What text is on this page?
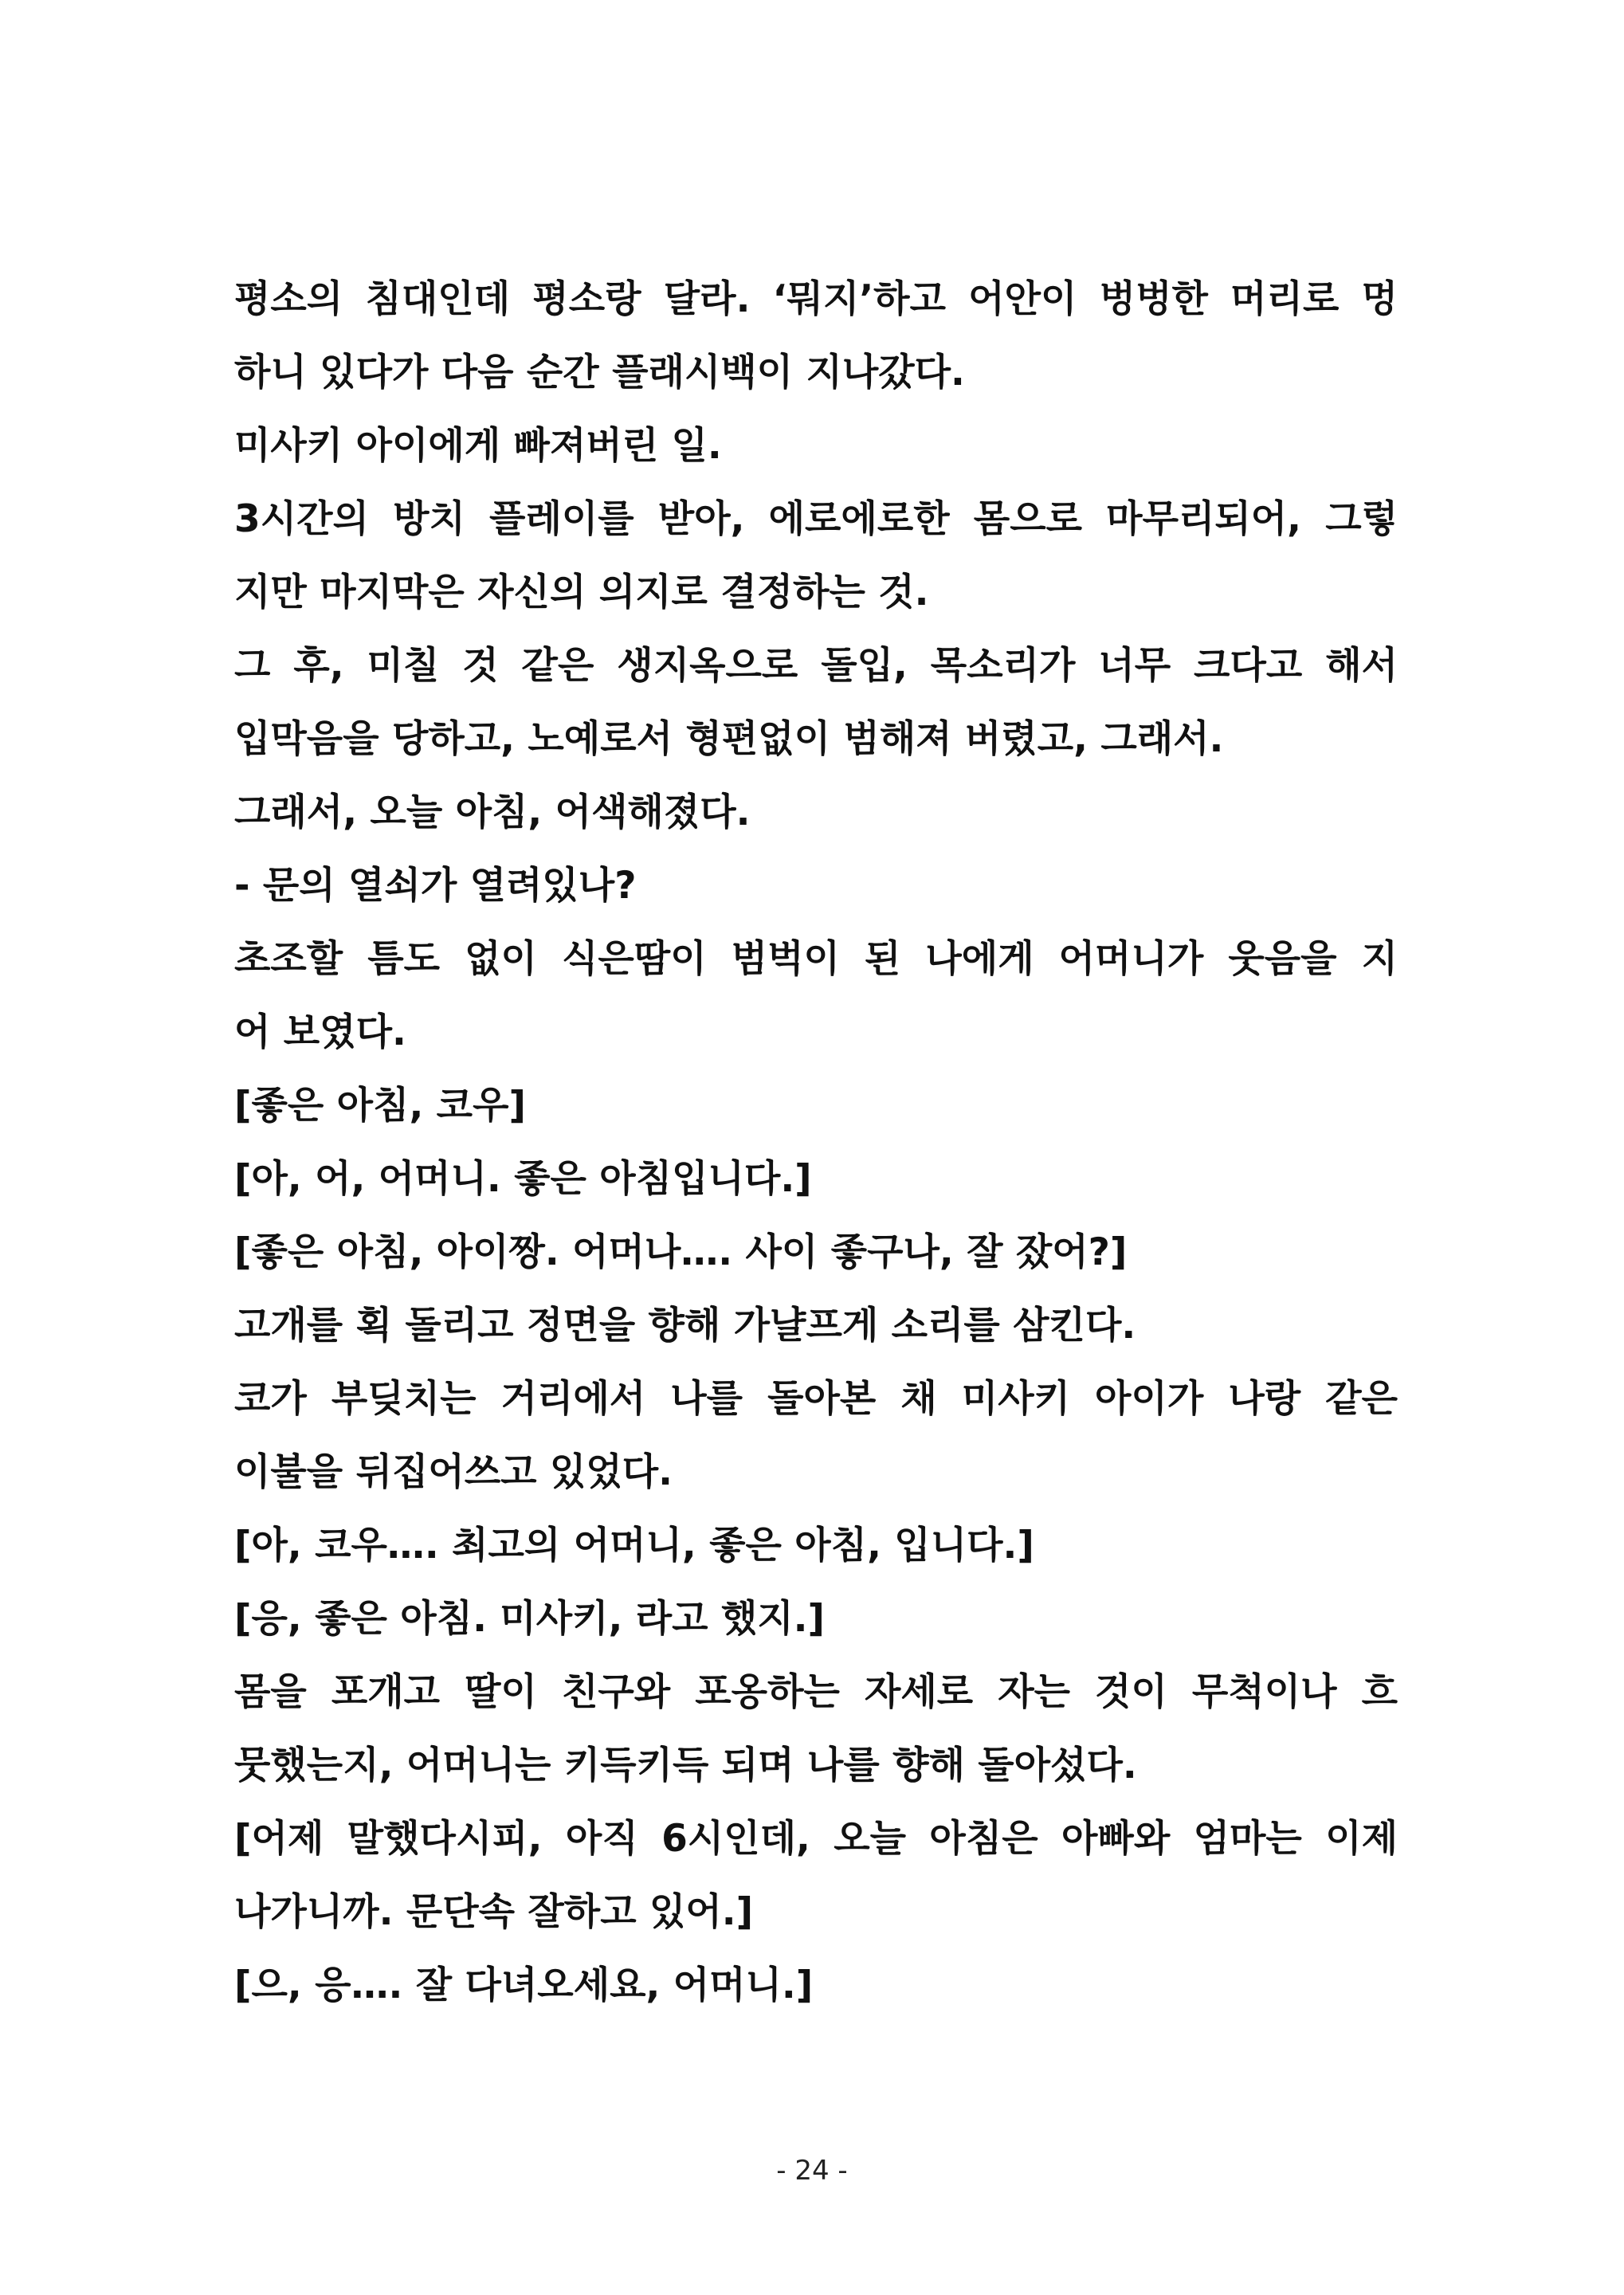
평소의 침대인데 평소랑 달라. ‘뭐지’하고 어안이 벙벙한 머리로 멍
하니 있다가 다음 순간 플래시백이 지나갔다.
미사키 아이에게 빠져버린 일.
3시간의 방치 플레이를 받아, 에로에로한 몸으로 마무리되어, 그렇
지만 마지막은 자신의 의지로 결정하는 것.
그 후, 미칠 것 같은 생지옥으로 돌입, 목소리가 너무 크다고 해서
입막음을 당하고, 노예로서 형편없이 범해져 버렸고, 그래서.
그래서, 오늘 아침, 어색해졌다.
- 문의 열쇠가 열려있나?
초조할 틈도 없이 식은땀이 범벅이 된 나에게 어머니가 웃음을 지
어 보였다.
[좋은 아침, 코우]
[아, 어, 어머니. 좋은 아침입니다.]
[좋은 아침, 아이짱. 어머나…. 사이 좋구나, 잘 잤어?]
고개를 획 돌리고 정면을 향해 가냘프게 소리를 삼킨다.
코가 부딪치는 거리에서 나를 돌아본 채 미사키 아이가 나랑 같은
이불을 뒤집어쓰고 있었다.
[아, 코우…. 최고의 어머니, 좋은 아침, 입니다.]
[응, 좋은 아침. 미사키, 라고 했지.]
몸을 포개고 딸이 친구와 포옹하는 자세로 자는 것이 무척이나 흐
뭇했는지, 어머니는 키득키득 되며 나를 향해 돌아섰다.
[어제 말했다시피, 아직 6시인데, 오늘 아침은 아빠와 엄마는 이제
나가니까. 문단속 잘하고 있어.]
[으, 응…. 잘 다녀오세요, 어머니.]
- 24 -
